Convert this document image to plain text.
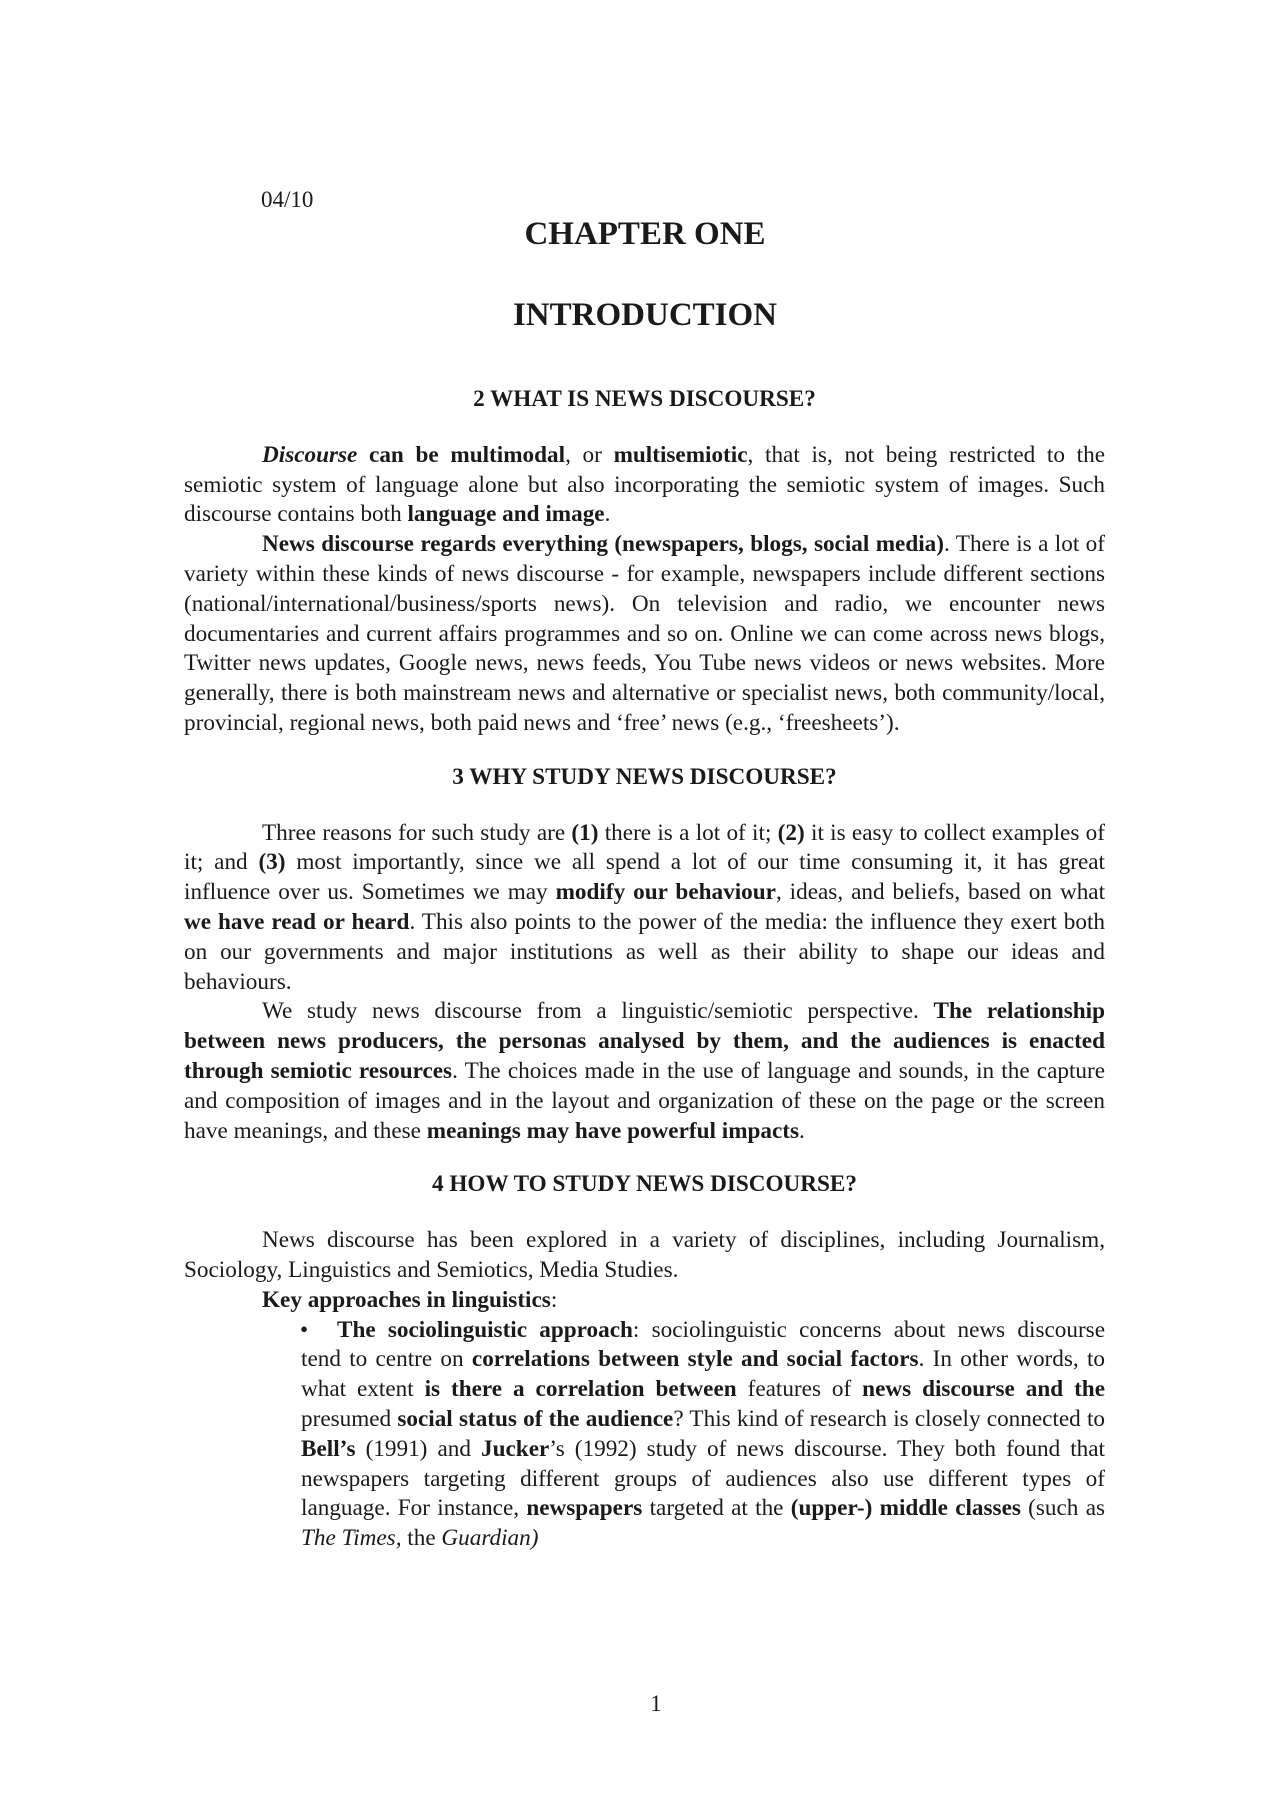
04/10
CHAPTER ONE
INTRODUCTION
2 WHAT IS NEWS DISCOURSE?

Discourse can be multimodal, or multisemiotic, that is, not being restricted to the semiotic system of language alone but also incorporating the semiotic system of images. Such discourse contains both language and image.

News discourse regards everything (newspapers, blogs, social media). There is a lot of variety within these kinds of news discourse - for example, newspapers include different sections (national/international/business/sports news). On television and radio, we encounter news documentaries and current affairs programmes and so on. Online we can come across news blogs, Twitter news updates, Google news, news feeds, You Tube news videos or news websites. More generally, there is both mainstream news and alternative or specialist news, both community/local, provincial, regional news, both paid news and ‘free’ news (e.g., ‘freesheets’).

3 WHY STUDY NEWS DISCOURSE?

Three reasons for such study are (1) there is a lot of it; (2) it is easy to collect examples of it; and (3) most importantly, since we all spend a lot of our time consuming it, it has great influence over us. Sometimes we may modify our behaviour, ideas, and beliefs, based on what we have read or heard. This also points to the power of the media: the influence they exert both on our governments and major institutions as well as their ability to shape our ideas and behaviours.

We study news discourse from a linguistic/semiotic perspective. The relationship between news producers, the personas analysed by them, and the audiences is enacted through semiotic resources. The choices made in the use of language and sounds, in the capture and composition of images and in the layout and organization of these on the page or the screen have meanings, and these meanings may have powerful impacts.

4 HOW TO STUDY NEWS DISCOURSE?

News discourse has been explored in a variety of disciplines, including Journalism, Sociology, Linguistics and Semiotics, Media Studies.

Key approaches in linguistics:
•	The sociolinguistic approach: sociolinguistic concerns about news discourse tend to centre on correlations between style and social factors. In other words, to what extent is there a correlation between features of news discourse and the presumed social status of the audience? This kind of research is closely connected to Bell’s (1991) and Jucker’s (1992) study of news discourse. They both found that newspapers targeting different groups of audiences also use different types of language. For instance, newspapers targeted at the (upper-) middle classes (such as The Times, the Guardian)
1
